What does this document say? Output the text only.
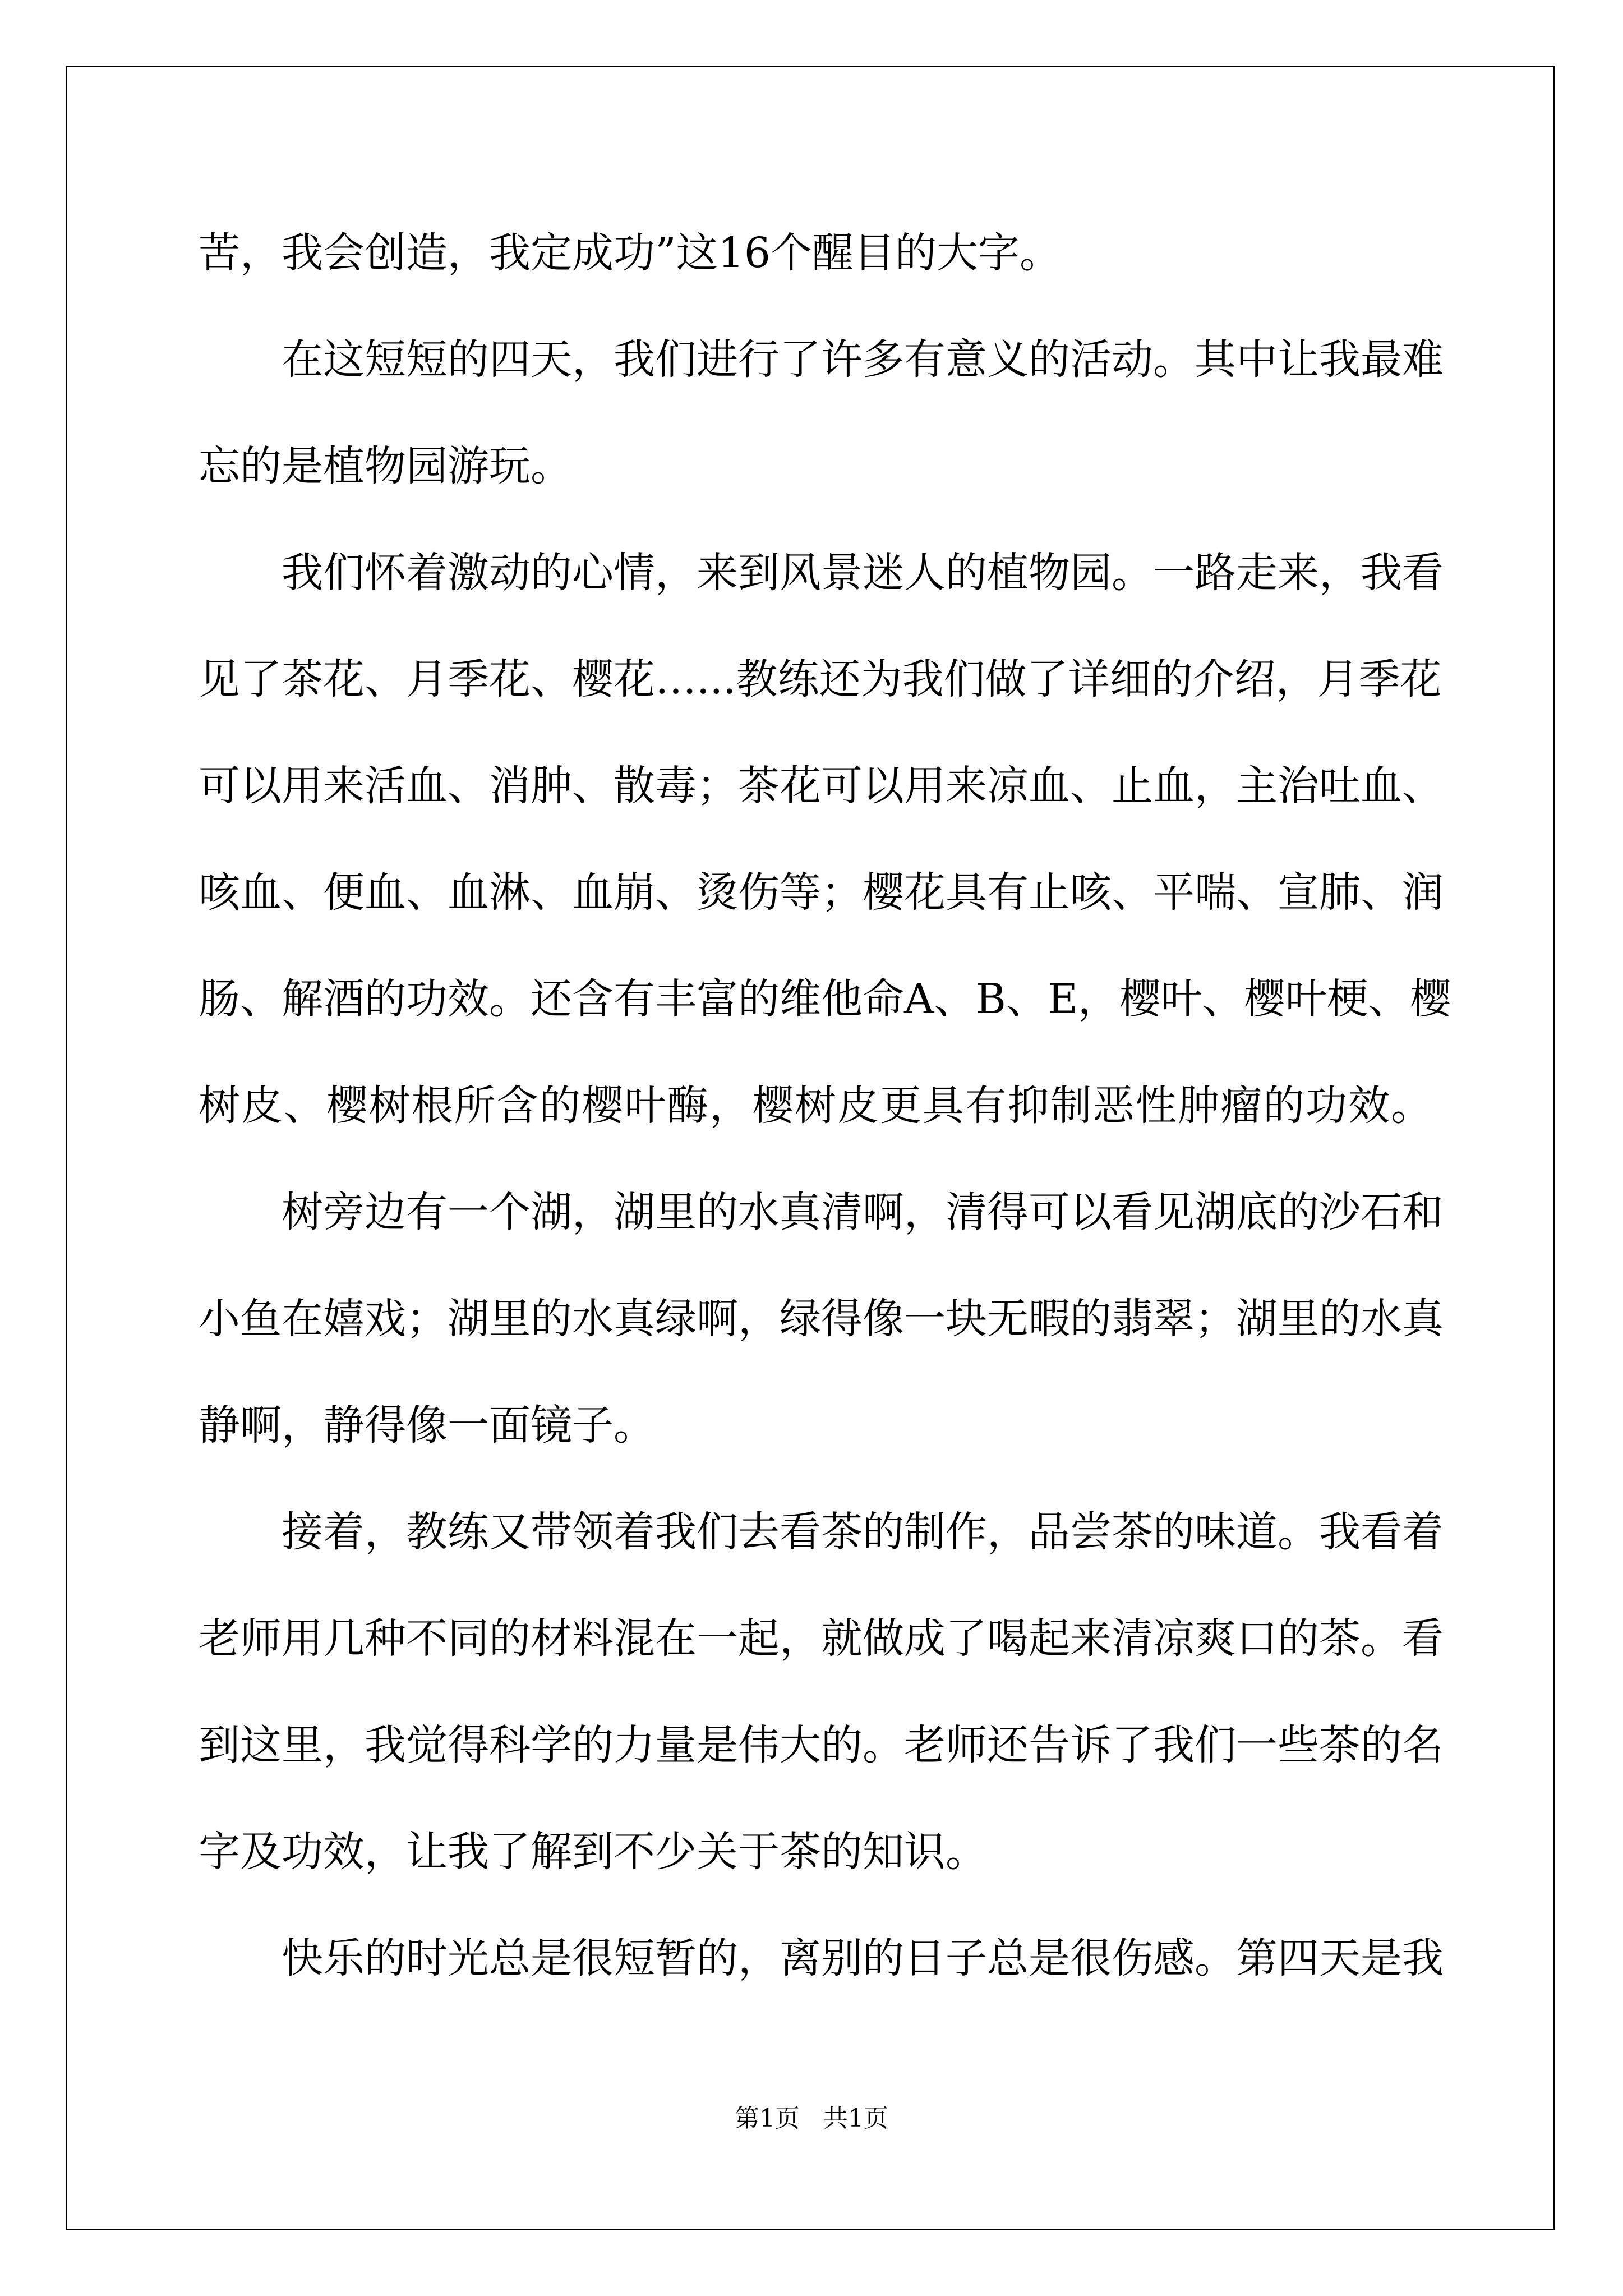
苦，我会创造，我定成功”这16个醒目的大字。
在这短短的四天，我们进行了许多有意义的活动。其中让我最难
忘的是植物园游玩。
我们怀着激动的心情，来到风景迷人的植物园。一路走来，我看
见了茶花、月季花、樱花…...教练还为我们做了详细的介绍，月季花
可以用来活血、消肿、散毒；茶花可以用来凉血、止血，主治吐血、
咳血、便血、血淋、血崩、烫伤等；樱花具有止咳、平喘、宣肺、润
肠、解酒的功效。还含有丰富的维他命A、B、E，樱叶、樱叶梗、樱
树皮、樱树根所含的樱叶酶，樱树皮更具有抑制恶性肿瘤的功效。
树旁边有一个湖，湖里的水真清啊，清得可以看见湖底的沙石和
小鱼在嬉戏；湖里的水真绿啊，绿得像一块无暇的翡翠；湖里的水真
静啊，静得像一面镜子。
接着，教练又带领着我们去看茶的制作，品尝茶的味道。我看着
老师用几种不同的材料混在一起，就做成了喝起来清凉爽口的茶。看
到这里，我觉得科学的力量是伟大的。老师还告诉了我们一些茶的名
字及功效，让我了解到不少关于茶的知识。
快乐的时光总是很短暂的，离别的日子总是很伤感。第四天是我
第1页   共1页
